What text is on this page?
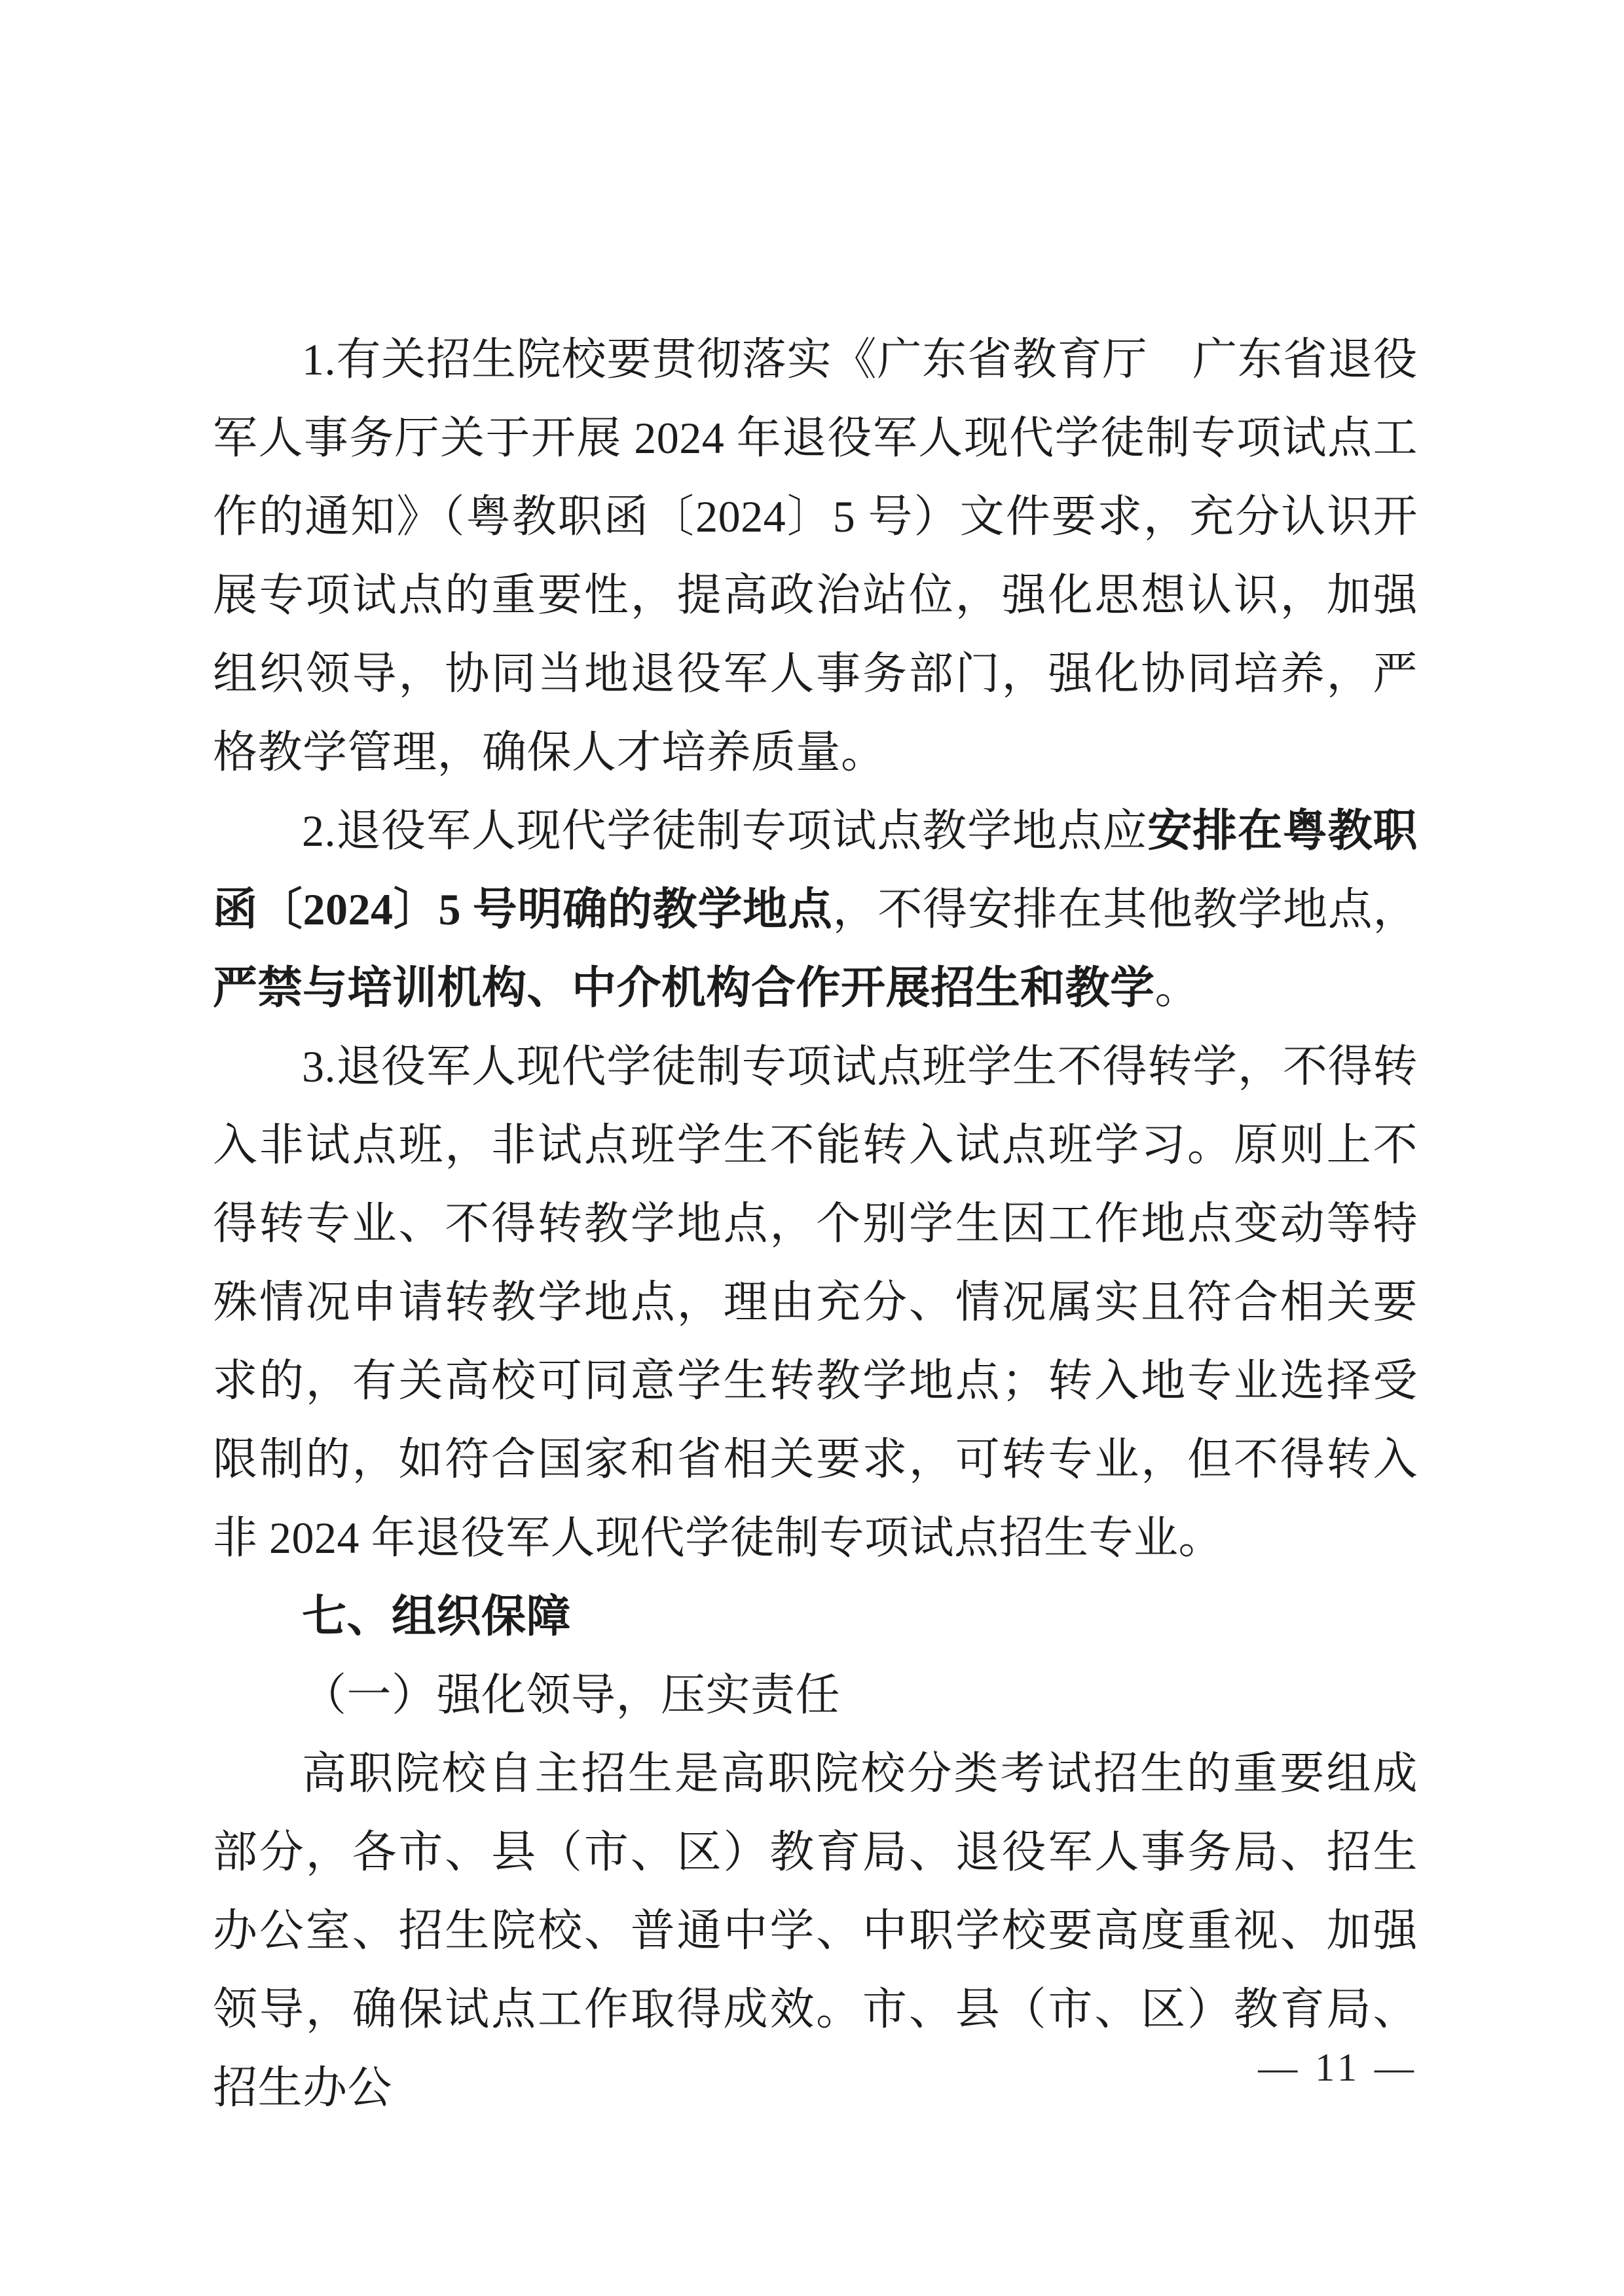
1.有关招生院校要贯彻落实《广东省教育厅　广东省退役军人事务厅关于开展 2024 年退役军人现代学徒制专项试点工作的通知》（粤教职函〔2024〕5 号）文件要求，充分认识开展专项试点的重要性，提高政治站位，强化思想认识，加强组织领导，协同当地退役军人事务部门，强化协同培养，严格教学管理，确保人才培养质量。

2.退役军人现代学徒制专项试点教学地点应安排在粤教职函〔2024〕5 号明确的教学地点，不得安排在其他教学地点，严禁与培训机构、中介机构合作开展招生和教学。

3.退役军人现代学徒制专项试点班学生不得转学，不得转入非试点班，非试点班学生不能转入试点班学习。原则上不得转专业、不得转教学地点，个别学生因工作地点变动等特殊情况申请转教学地点，理由充分、情况属实且符合相关要求的，有关高校可同意学生转教学地点；转入地专业选择受限制的，如符合国家和省相关要求，可转专业，但不得转入非 2024 年退役军人现代学徒制专项试点招生专业。

七、组织保障

（一）强化领导，压实责任

高职院校自主招生是高职院校分类考试招生的重要组成部分，各市、县（市、区）教育局、退役军人事务局、招生办公室、招生院校、普通中学、中职学校要高度重视、加强领导，确保试点工作取得成效。市、县（市、区）教育局、招生办公	— 11 —
